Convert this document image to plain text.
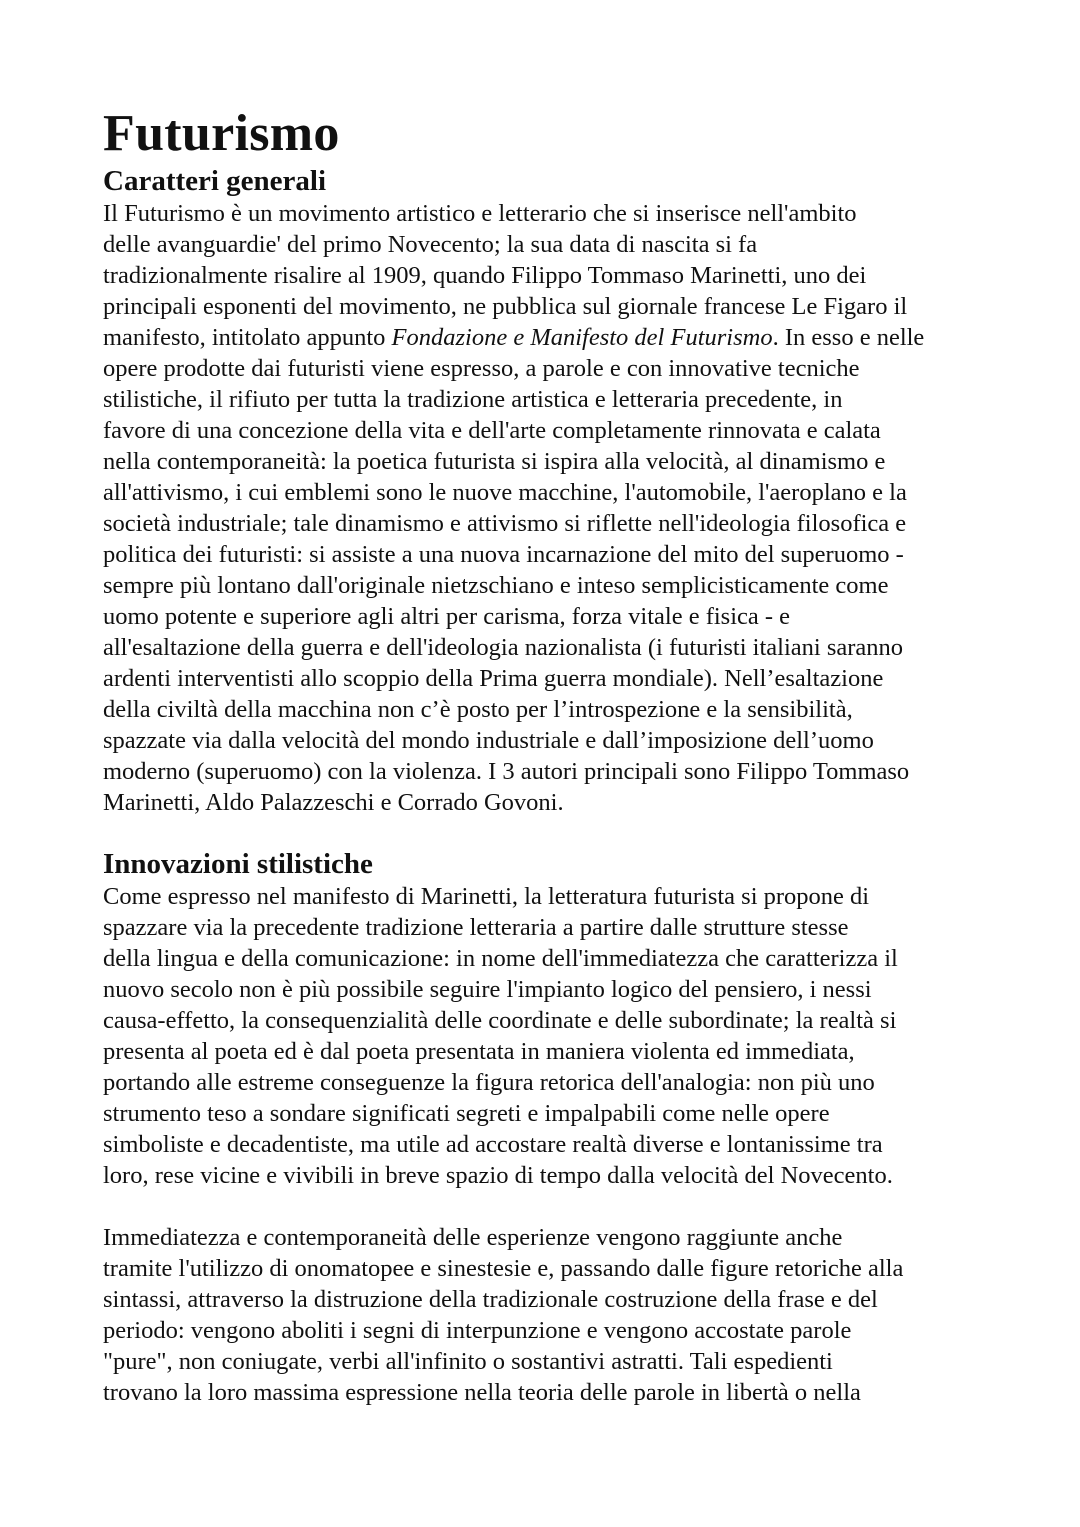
Futurismo
Caratteri generali
Il Futurismo è un movimento artistico e letterario che si inserisce nell'ambito
delle avanguardie' del primo Novecento; la sua data di nascita si fa
tradizionalmente risalire al 1909, quando Filippo Tommaso Marinetti, uno dei
principali esponenti del movimento, ne pubblica sul giornale francese Le Figaro il
manifesto, intitolato appunto Fondazione e Manifesto del Futurismo. In esso e nelle
opere prodotte dai futuristi viene espresso, a parole e con innovative tecniche
stilistiche, il rifiuto per tutta la tradizione artistica e letteraria precedente, in
favore di una concezione della vita e dell'arte completamente rinnovata e calata
nella contemporaneità: la poetica futurista si ispira alla velocità, al dinamismo e
all'attivismo, i cui emblemi sono le nuove macchine, l'automobile, l'aeroplano e la
società industriale; tale dinamismo e attivismo si riflette nell'ideologia filosofica e
politica dei futuristi: si assiste a una nuova incarnazione del mito del superuomo -
sempre più lontano dall'originale nietzschiano e inteso semplicisticamente come
uomo potente e superiore agli altri per carisma, forza vitale e fisica - e
all'esaltazione della guerra e dell'ideologia nazionalista (i futuristi italiani saranno
ardenti interventisti allo scoppio della Prima guerra mondiale). Nell’esaltazione
della civiltà della macchina non c’è posto per l’introspezione e la sensibilità,
spazzate via dalla velocità del mondo industriale e dall’imposizione dell’uomo
moderno (superuomo) con la violenza. I 3 autori principali sono Filippo Tommaso
Marinetti, Aldo Palazzeschi e Corrado Govoni.
Innovazioni stilistiche
Come espresso nel manifesto di Marinetti, la letteratura futurista si propone di
spazzare via la precedente tradizione letteraria a partire dalle strutture stesse
della lingua e della comunicazione: in nome dell'immediatezza che caratterizza il
nuovo secolo non è più possibile seguire l'impianto logico del pensiero, i nessi
causa-effetto, la consequenzialità delle coordinate e delle subordinate; la realtà si
presenta al poeta ed è dal poeta presentata in maniera violenta ed immediata,
portando alle estreme conseguenze la figura retorica dell'analogia: non più uno
strumento teso a sondare significati segreti e impalpabili come nelle opere
simboliste e decadentiste, ma utile ad accostare realtà diverse e lontanissime tra
loro, rese vicine e vivibili in breve spazio di tempo dalla velocità del Novecento.
Immediatezza e contemporaneità delle esperienze vengono raggiunte anche
tramite l'utilizzo di onomatopee e sinestesie e, passando dalle figure retoriche alla
sintassi, attraverso la distruzione della tradizionale costruzione della frase e del
periodo: vengono aboliti i segni di interpunzione e vengono accostate parole
"pure", non coniugate, verbi all'infinito o sostantivi astratti. Tali espedienti
trovano la loro massima espressione nella teoria delle parole in libertà o nella
